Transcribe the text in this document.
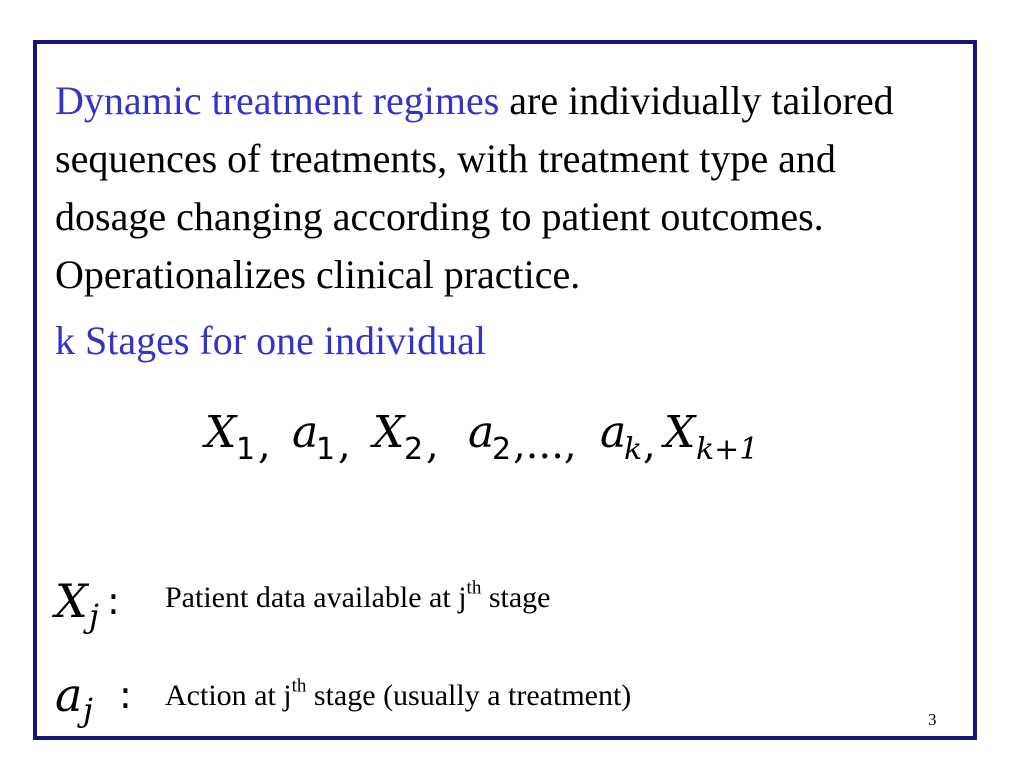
Dynamic treatment regimes are individually tailored sequences of treatments, with treatment type and dosage changing according to patient outcomes. Operationalizes clinical practice.

k Stages for one individual

X 1 , a
1 , X 2 , a
2 ,..., a
k , X k+1
X j : Patient data available at $j^{th}$ stage
a j : Action at $j^{th}$ stage (usually a treatment)
3
